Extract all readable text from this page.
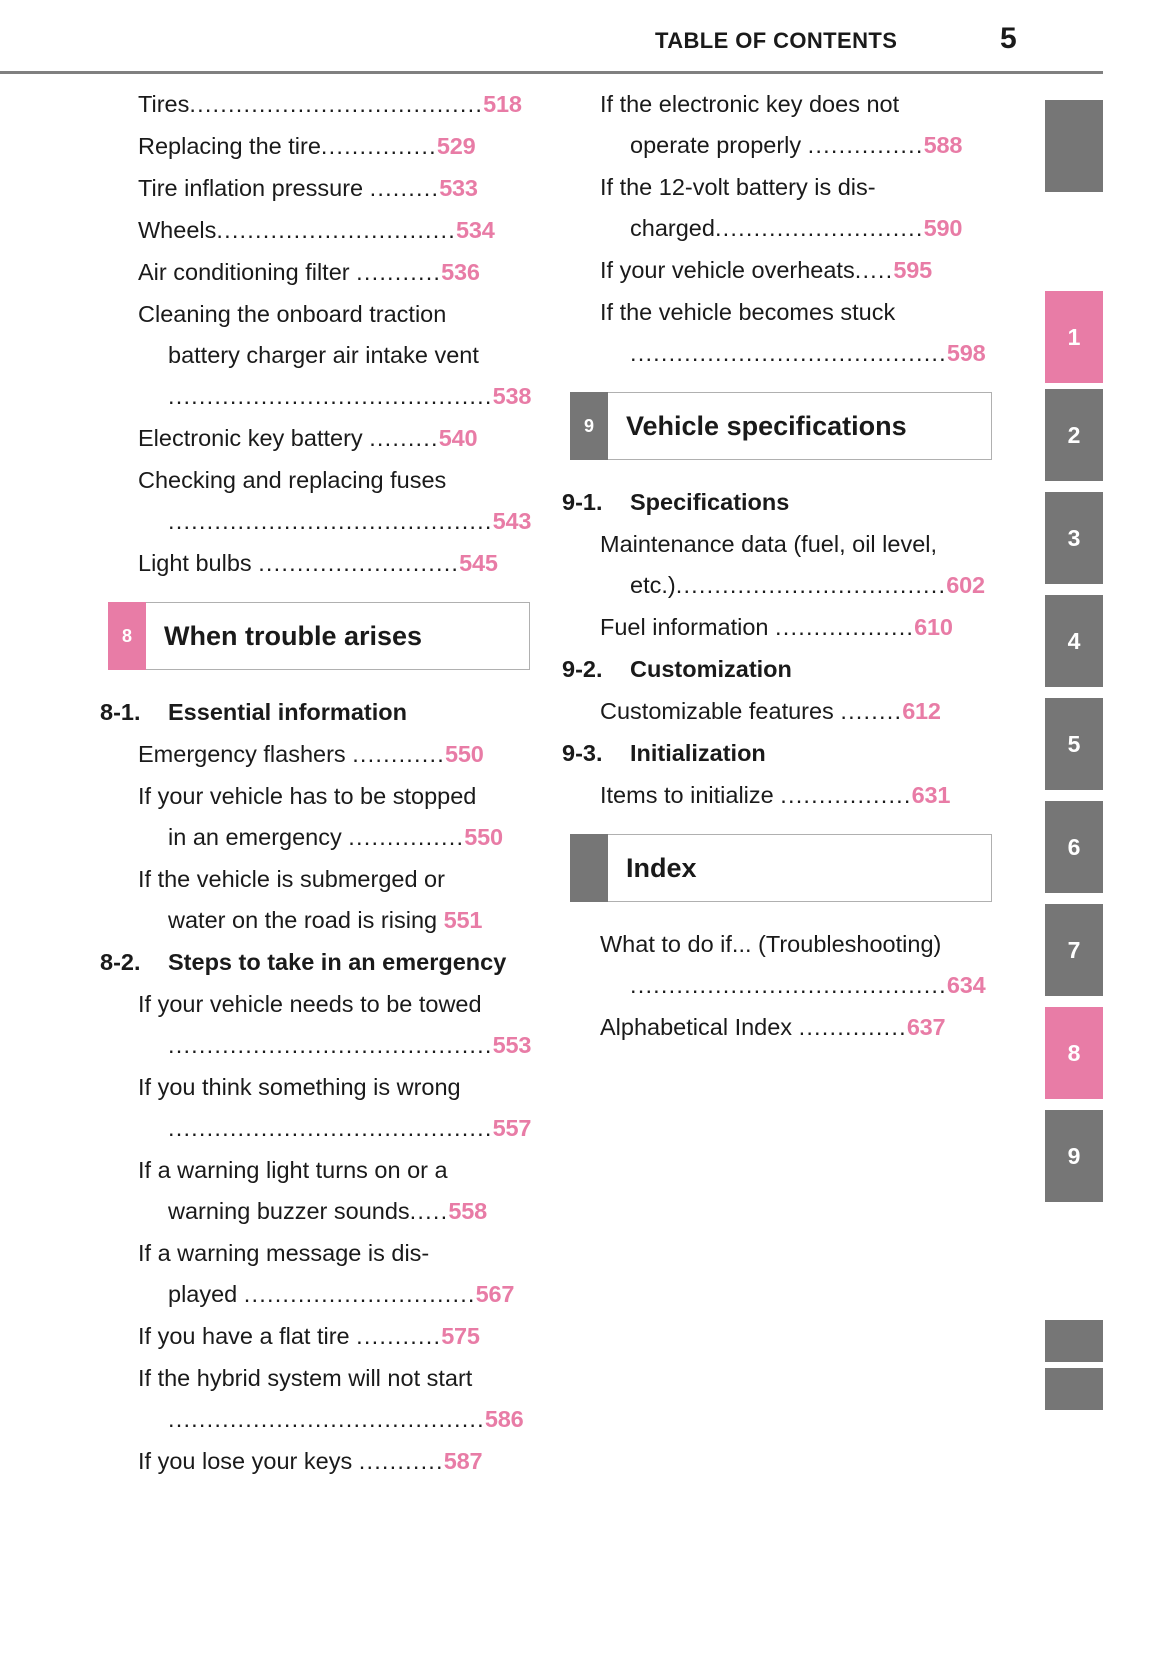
TABLE OF CONTENTS	5
Tires......................................518
Replacing the tire...............529
Tire inflation pressure .........533
Wheels...............................534
Air conditioning filter ...........536
Cleaning the onboard traction
battery charger air intake vent
..........................................538
Electronic key battery .........540
Checking and replacing fuses
..........................................543
Light bulbs ..........................545
8	When trouble arises
8-1.	Essential information
Emergency flashers ............550
If your vehicle has to be stopped
in an emergency ...............550
If the vehicle is submerged or
water on the road is rising 551
8-2.	Steps to take in an emergency
If your vehicle needs to be towed
..........................................553
If you think something is wrong
..........................................557
If a warning light turns on or a
warning buzzer sounds.....558
If a warning message is dis-
played ..............................567
If you have a flat tire ...........575
If the hybrid system will not start
.........................................586
If you lose your keys ...........587
If the electronic key does not
operate properly ...............588
If the 12-volt battery is dis-
charged...........................590
If your vehicle overheats.....595
If the vehicle becomes stuck
.........................................598
9	Vehicle specifications
9-1.	Specifications
Maintenance data (fuel, oil level,
etc.)...................................602
Fuel information ..................610
9-2.	Customization
Customizable features ........612
9-3.	Initialization
Items to initialize .................631
Index
What to do if... (Troubleshooting)
.........................................634
Alphabetical Index ..............637
1
2
3
4
5
6
7
8
9
